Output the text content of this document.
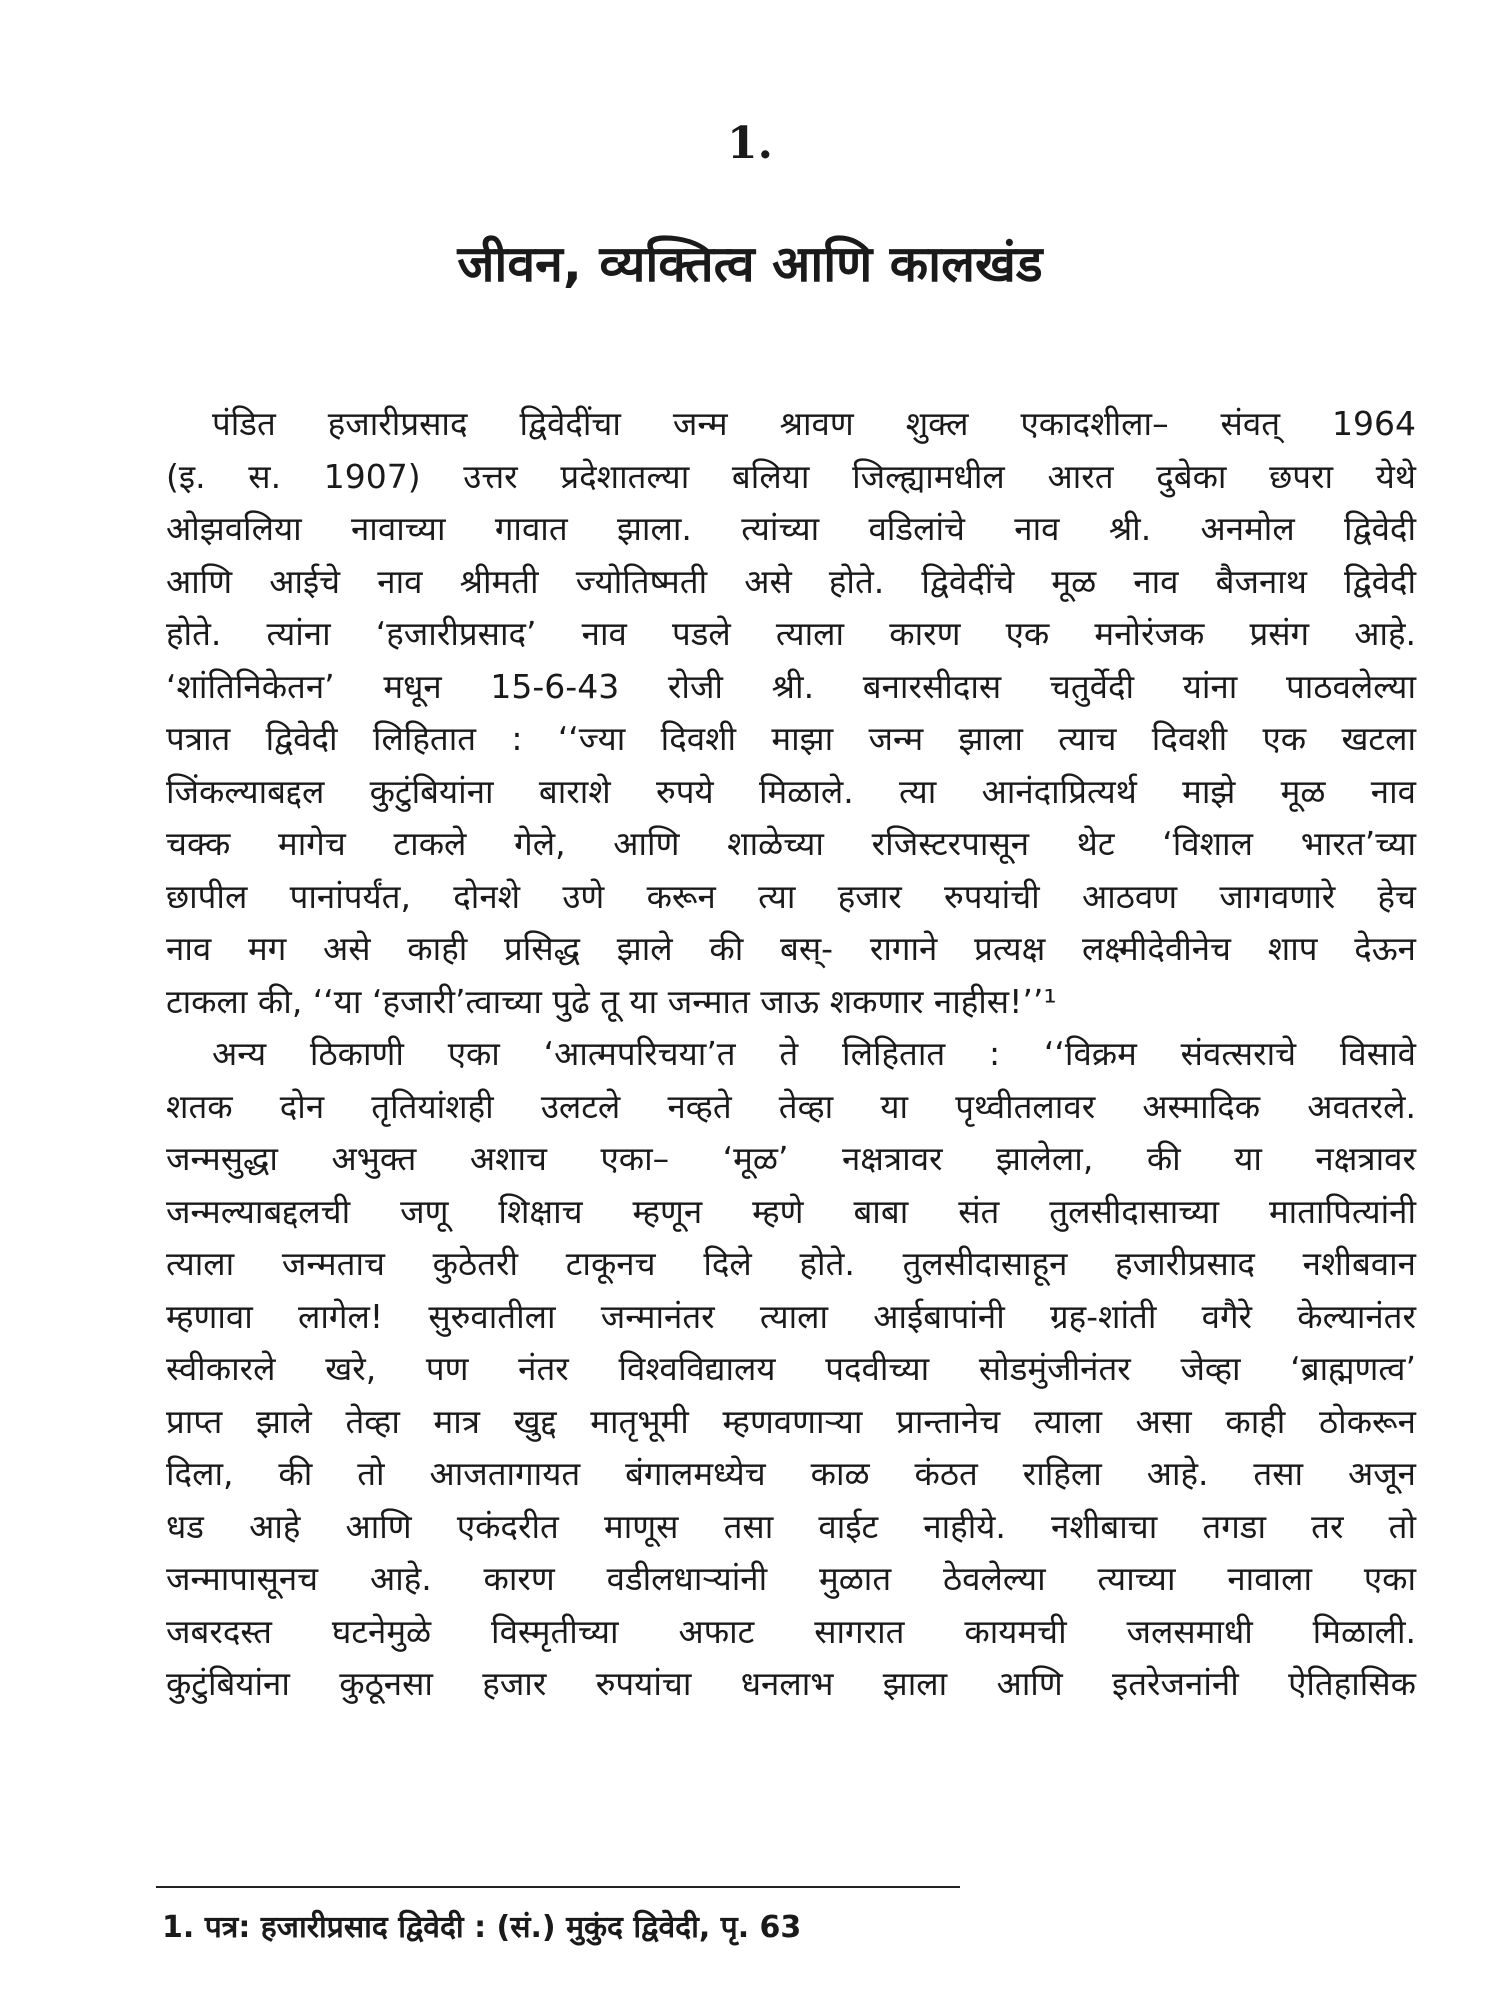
1.
जीवन, व्यक्तित्व आणि कालखंड
पंडित हजारीप्रसाद द्विवेदींचा जन्म श्रावण शुक्ल एकादशीला– संवत् 1964
(इ. स. 1907) उत्तर प्रदेशातल्या बलिया जिल्ह्यामधील आरत दुबेका छपरा येथे
ओझवलिया नावाच्या गावात झाला. त्यांच्या वडिलांचे नाव श्री. अनमोल द्विवेदी
आणि आईचे नाव श्रीमती ज्योतिष्मती असे होते. द्विवेदींचे मूळ नाव बैजनाथ द्विवेदी
होते. त्यांना ‘हजारीप्रसाद’ नाव पडले त्याला कारण एक मनोरंजक प्रसंग आहे.
‘शांतिनिकेतन’ मधून 15-6-43 रोजी श्री. बनारसीदास चतुर्वेदी यांना पाठवलेल्या
पत्रात द्विवेदी लिहितात : ‘‘ज्या दिवशी माझा जन्म झाला त्याच दिवशी एक खटला
जिंकल्याबद्दल कुटुंबियांना बाराशे रुपये मिळाले. त्या आनंदाप्रित्यर्थ माझे मूळ नाव
चक्क मागेच टाकले गेले, आणि शाळेच्या रजिस्टरपासून थेट ‘विशाल भारत’च्या
छापील पानांपर्यंत, दोनशे उणे करून त्या हजार रुपयांची आठवण जागवणारे हेच
नाव मग असे काही प्रसिद्ध झाले की बस्- रागाने प्रत्यक्ष लक्ष्मीदेवीनेच शाप देऊन
टाकला की, ‘‘या ‘हजारी’त्वाच्या पुढे तू या जन्मात जाऊ शकणार नाहीस!’’¹
अन्य ठिकाणी एका ‘आत्मपरिचया’त ते लिहितात : ‘‘विक्रम संवत्सराचे विसावे
शतक दोन तृतियांशही उलटले नव्हते तेव्हा या पृथ्वीतलावर अस्मादिक अवतरले.
जन्मसुद्धा अभुक्त अशाच एका– ‘मूळ’ नक्षत्रावर झालेला, की या नक्षत्रावर
जन्मल्याबद्दलची जणू शिक्षाच म्हणून म्हणे बाबा संत तुलसीदासाच्या मातापित्यांनी
त्याला जन्मताच कुठेतरी टाकूनच दिले होते. तुलसीदासाहून हजारीप्रसाद नशीबवान
म्हणावा लागेल! सुरुवातीला जन्मानंतर त्याला आईबापांनी ग्रह-शांती वगैरे केल्यानंतर
स्वीकारले खरे, पण नंतर विश्वविद्यालय पदवीच्या सोडमुंजीनंतर जेव्हा ‘ब्राह्मणत्व’
प्राप्त झाले तेव्हा मात्र खुद्द मातृभूमी म्हणवणाऱ्या प्रान्तानेच त्याला असा काही ठोकरून
दिला, की तो आजतागायत बंगालमध्येच काळ कंठत राहिला आहे. तसा अजून
धड आहे आणि एकंदरीत माणूस तसा वाईट नाहीये. नशीबाचा तगडा तर तो
जन्मापासूनच आहे. कारण वडीलधाऱ्यांनी मुळात ठेवलेल्या त्याच्या नावाला एका
जबरदस्त घटनेमुळे विस्मृतीच्या अफाट सागरात कायमची जलसमाधी मिळाली.
कुटुंबियांना कुठूनसा हजार रुपयांचा धनलाभ झाला आणि इतरेजनांनी ऐतिहासिक
1. पत्र: हजारीप्रसाद द्विवेदी : (सं.) मुकुंद द्विवेदी, पृ. 63
